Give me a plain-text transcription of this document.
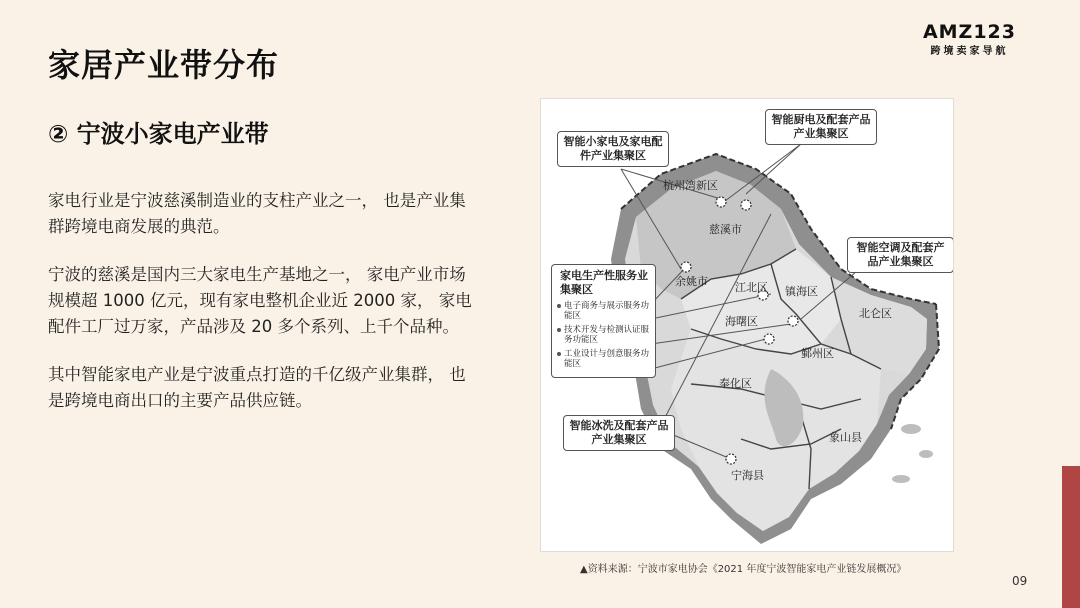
家居产业带分布
AMZ123
跨境卖家导航
② 宁波小家电产业带

家电行业是宁波慈溪制造业的支柱产业之一， 也是产业集群跨境电商发展的典范。

宁波的慈溪是国内三大家电生产基地之一， 家电产业市场规模超 1000 亿元，现有家电整机企业近 2000 家， 家电配件工厂过万家，产品涉及 20 多个系列、上千个品种。

其中智能家电产业是宁波重点打造的千亿级产业集群， 也是跨境电商出口的主要产品供应链。

智能小家电及家电配件产业集聚区
智能厨电及配套产品产业集聚区
智能空调及配套产品产业集聚区
智能冰洗及配套产品产业集聚区
家电生产性服务业集聚区
电子商务与展示服务功能区
技术开发与检测认证服务功能区
工业设计与创意服务功能区
杭州湾新区
慈溪市
余姚市 江北区 镇海区
北仑区
海曙区
鄞州区
奉化区
象山县
宁海县
▲资料来源：宁波市家电协会《2021 年度宁波智能家电产业链发展概况》
09
